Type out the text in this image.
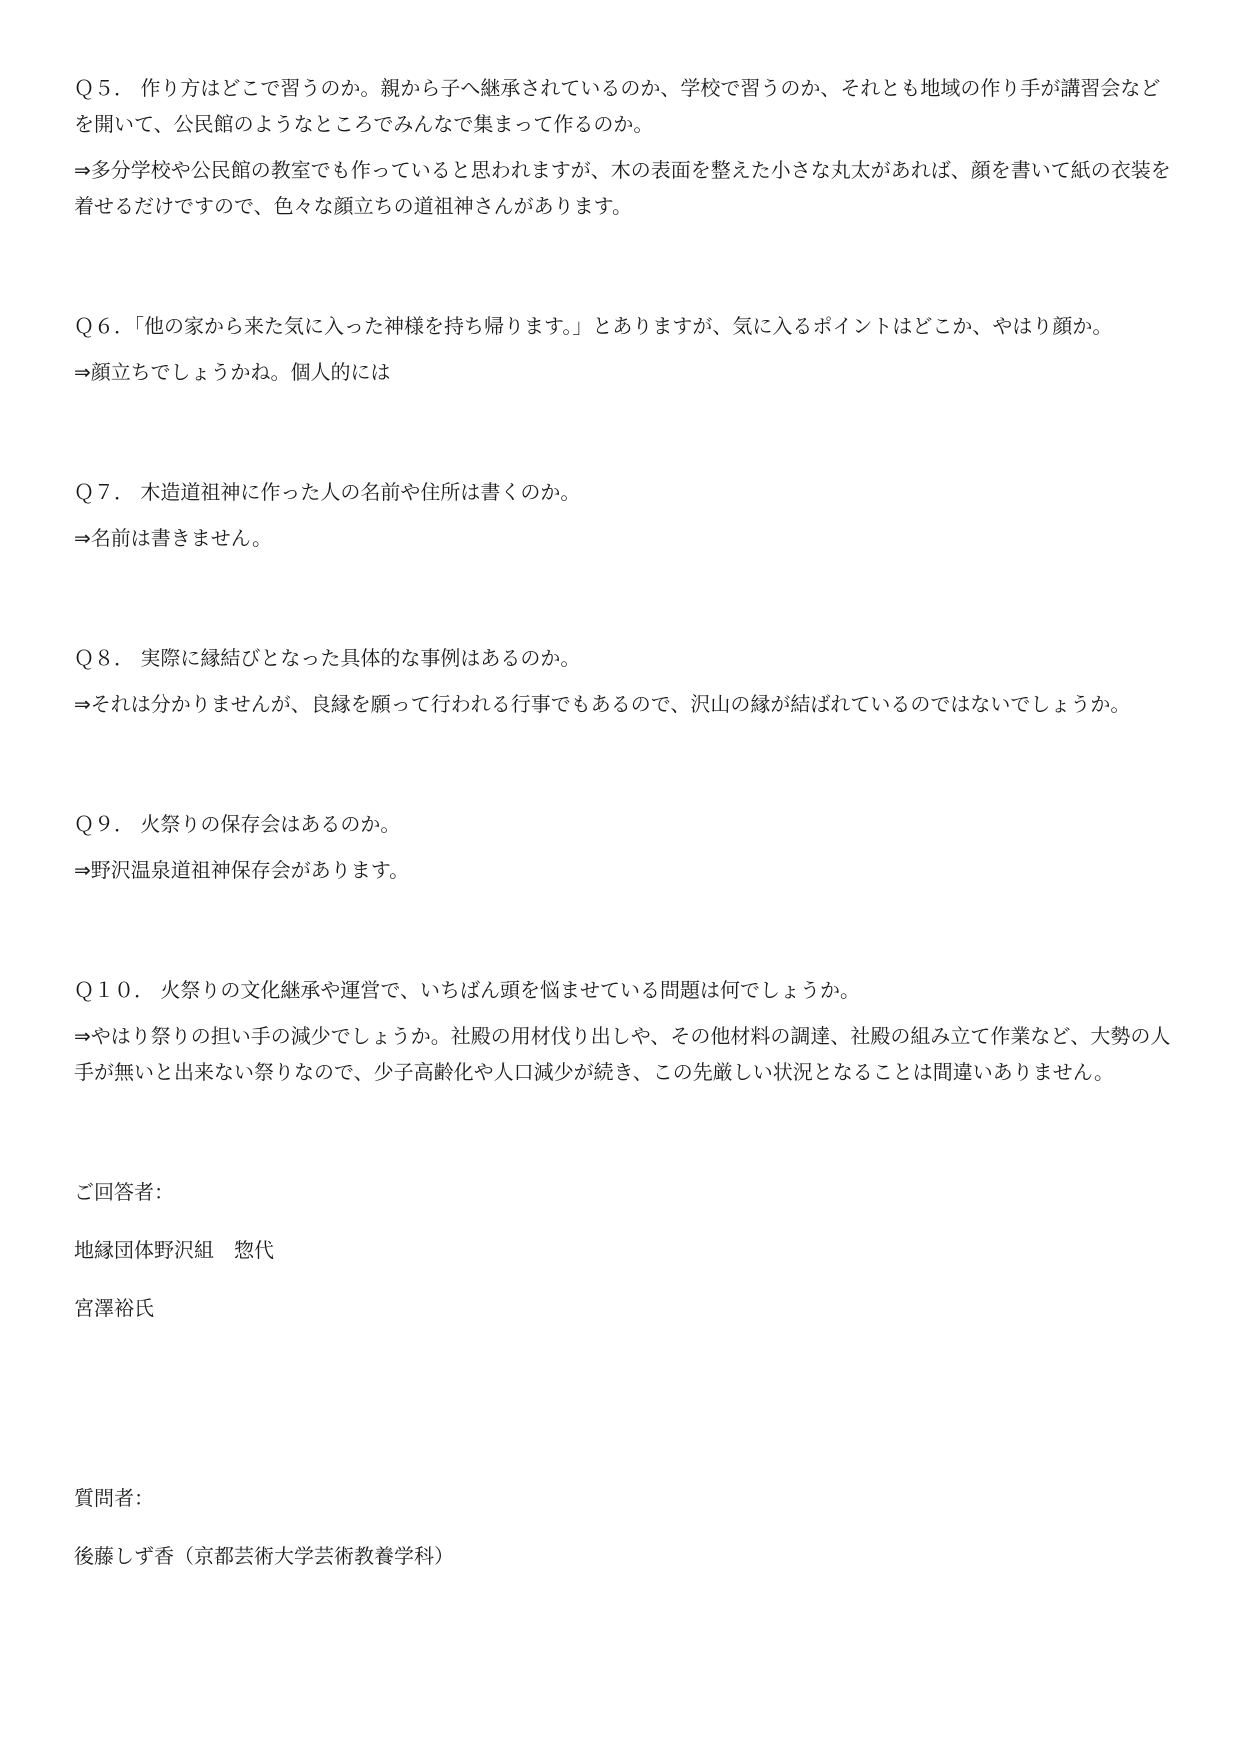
Ｑ５． 作り方はどこで習うのか。親から子へ継承されているのか、学校で習うのか、それとも地域の作り手が講習会などを開いて、公民館のようなところでみんなで集まって作るのか。

⇒多分学校や公民館の教室でも作っていると思われますが、木の表面を整えた小さな丸太があれば、顔を書いて紙の衣装を着せるだけですので、色々な顔立ちの道祖神さんがあります。

Ｑ６．「他の家から来た気に入った神様を持ち帰ります。」とありますが、気に入るポイントはどこか、やはり顔か。

⇒顔立ちでしょうかね。個人的には

Ｑ７． 木造道祖神に作った人の名前や住所は書くのか。

⇒名前は書きません。

Ｑ８． 実際に縁結びとなった具体的な事例はあるのか。

⇒それは分かりませんが、良縁を願って行われる行事でもあるので、沢山の縁が結ばれているのではないでしょうか。

Ｑ９． 火祭りの保存会はあるのか。

⇒野沢温泉道祖神保存会があります。

Ｑ１０． 火祭りの文化継承や運営で、いちばん頭を悩ませている問題は何でしょうか。

⇒やはり祭りの担い手の減少でしょうか。社殿の用材伐り出しや、その他材料の調達、社殿の組み立て作業など、大勢の人手が無いと出来ない祭りなので、少子高齢化や人口減少が続き、この先厳しい状況となることは間違いありません。

ご回答者：

地縁団体野沢組　惣代

宮澤裕氏

質問者：

後藤しず香（京都芸術大学芸術教養学科）
